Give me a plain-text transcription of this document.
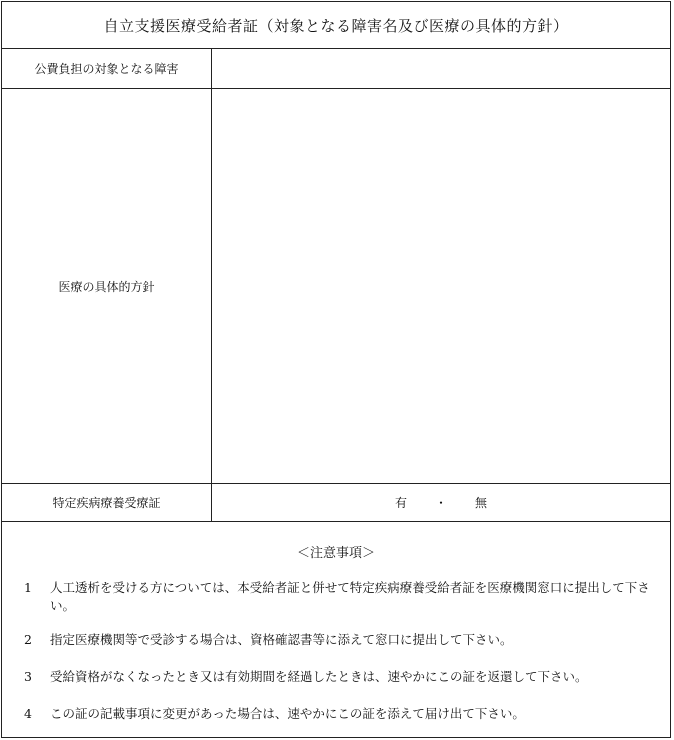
自立支援医療受給者証（対象となる障害名及び医療の具体的方針）
公費負担の対象となる障害
医療の具体的方針
特定疾病療養受療証	有 ・ 無
＜注意事項＞
1	人工透析を受ける方については、本受給者証と併せて特定疾病療養受給者証を医療機関窓口に提出して下さい。
2	指定医療機関等で受診する場合は、資格確認書等に添えて窓口に提出して下さい。
3	受給資格がなくなったとき又は有効期間を経過したときは、速やかにこの証を返還して下さい。
4	この証の記載事項に変更があった場合は、速やかにこの証を添えて届け出て下さい。
